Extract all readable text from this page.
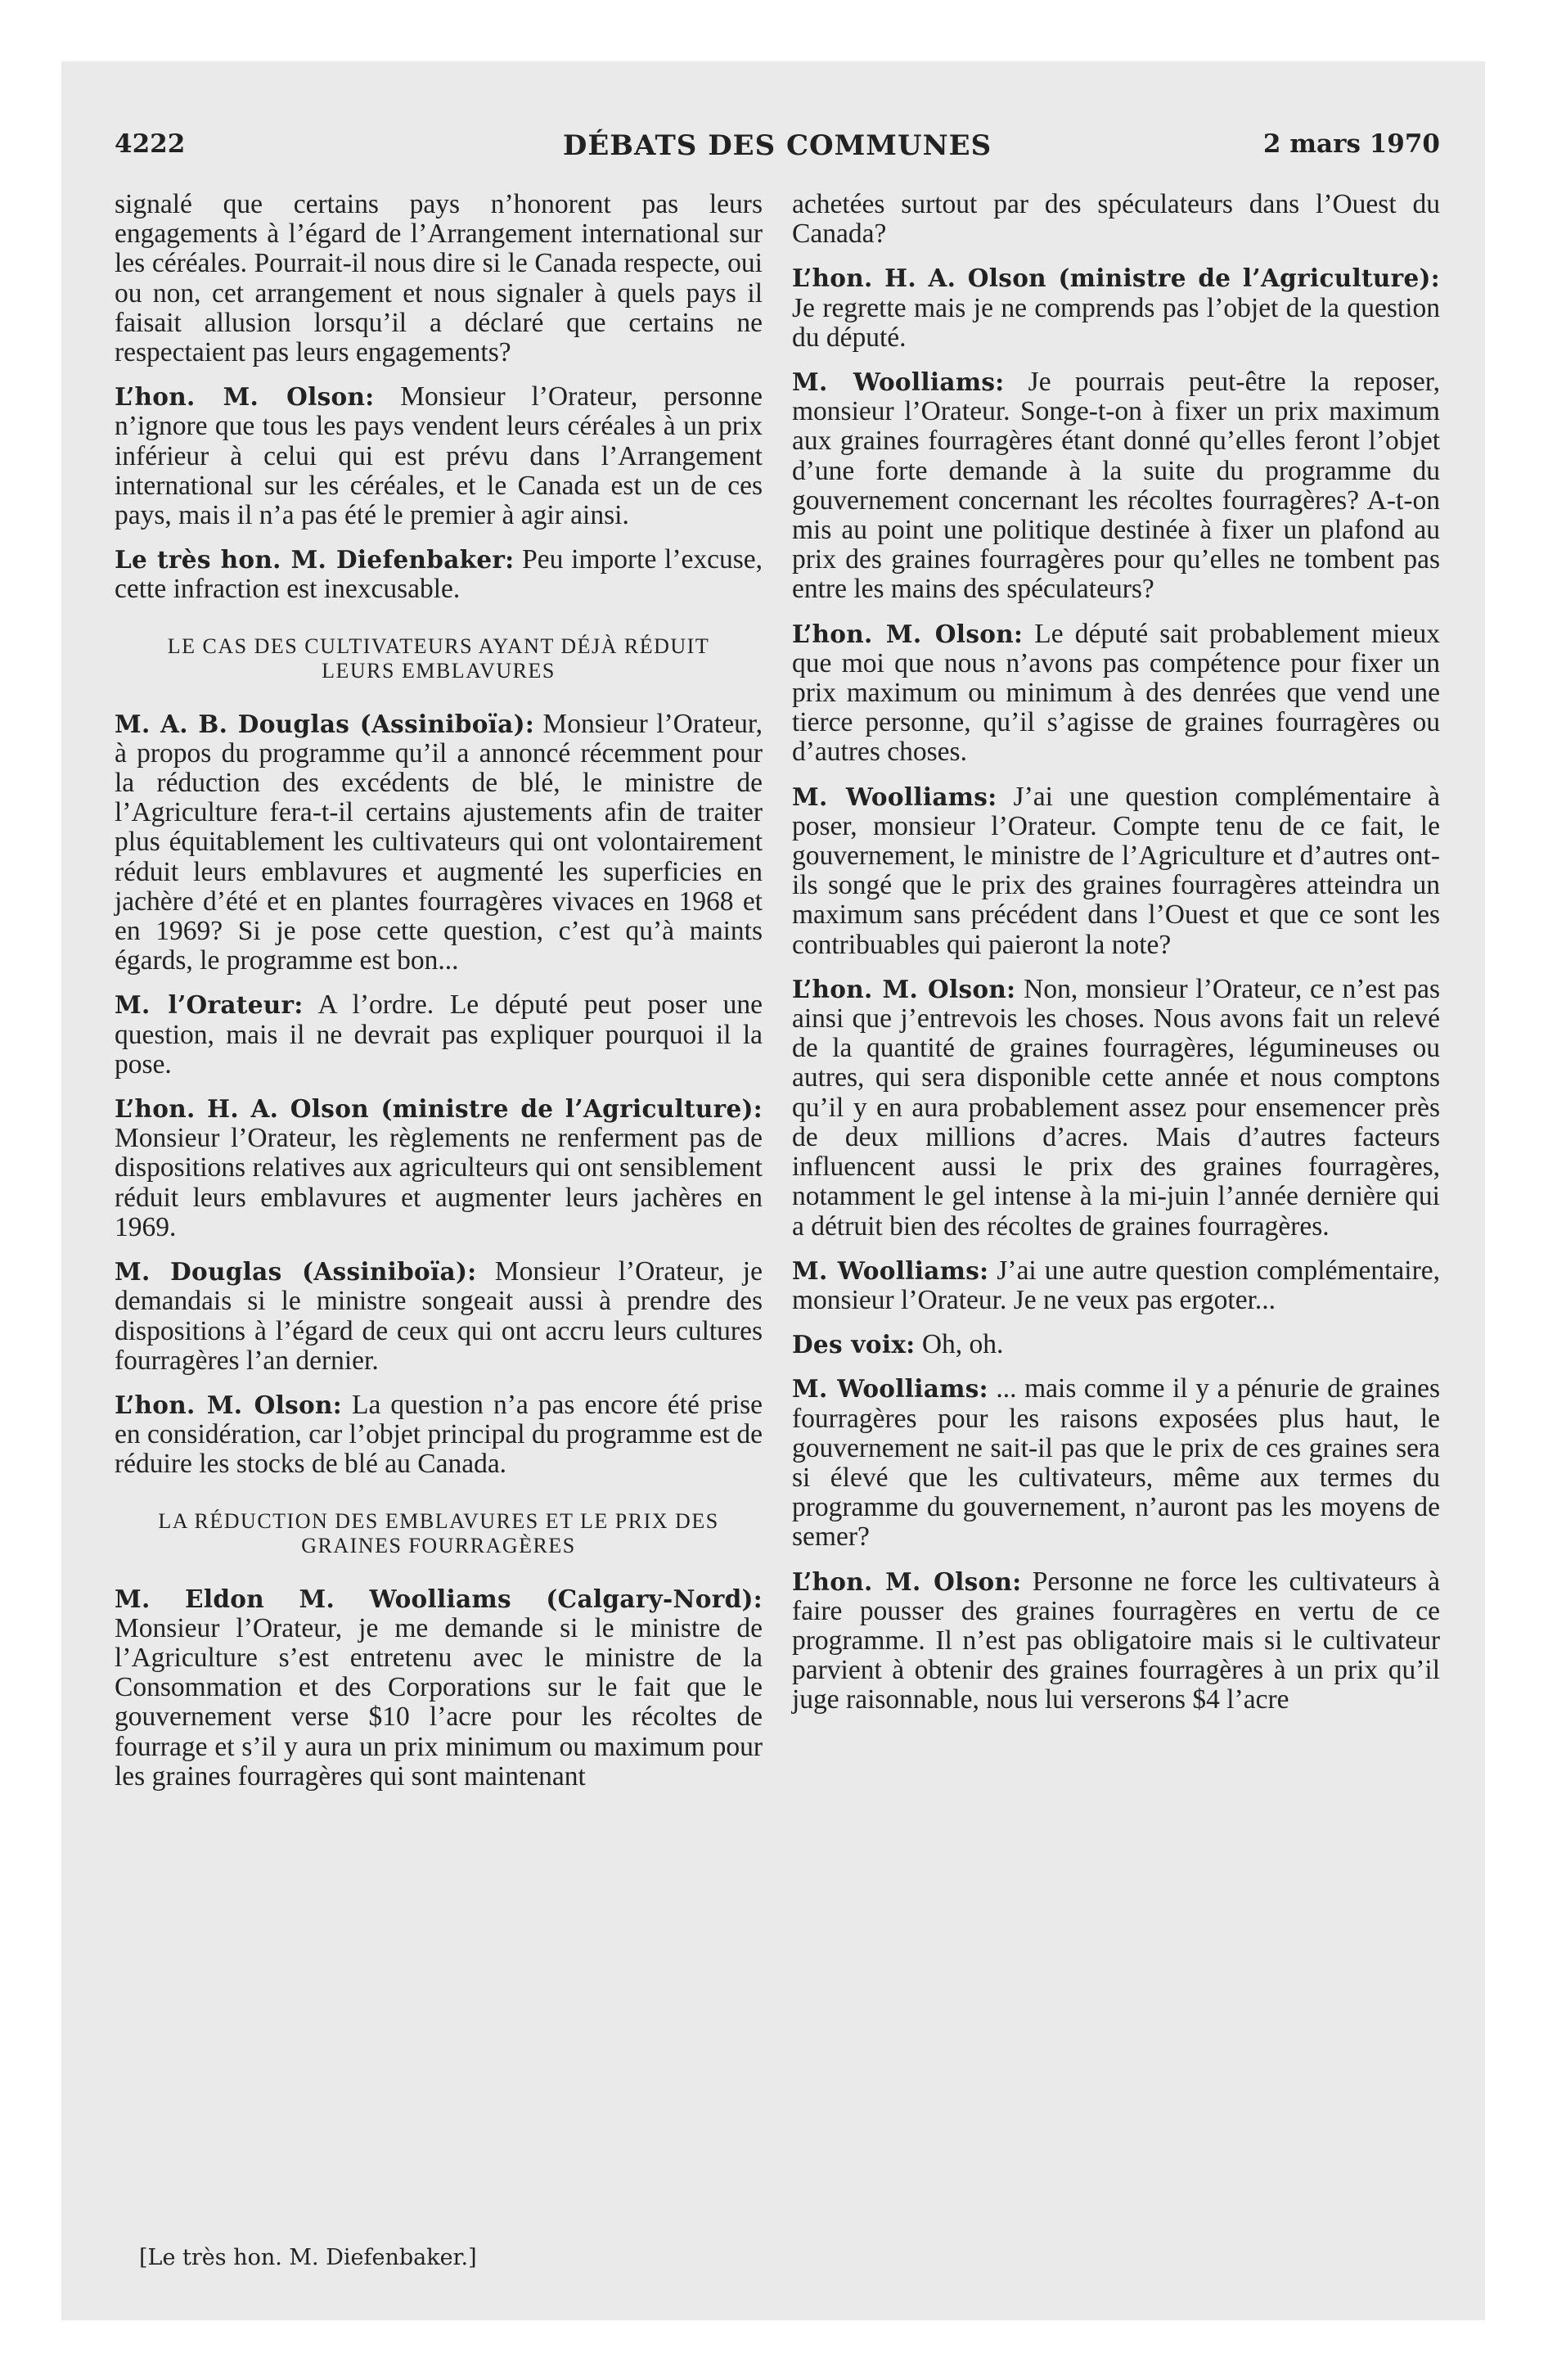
4222	DÉBATS DES COMMUNES	2 mars 1970

signalé que certains pays n’honorent pas leurs engagements à l’égard de l’Arrangement international sur les céréales. Pourrait-il nous dire si le Canada respecte, oui ou non, cet arrangement et nous signaler à quels pays il faisait allusion lorsqu’il a déclaré que certains ne respectaient pas leurs engagements?

L’hon. M. Olson: Monsieur l’Orateur, personne n’ignore que tous les pays vendent leurs céréales à un prix inférieur à celui qui est prévu dans l’Arrangement international sur les céréales, et le Canada est un de ces pays, mais il n’a pas été le premier à agir ainsi.

Le très hon. M. Diefenbaker: Peu importe l’excuse, cette infraction est inexcusable.

LE CAS DES CULTIVATEURS AYANT DÉJÀ RÉDUIT LEURS EMBLAVURES

M. A. B. Douglas (Assiniboïa): Monsieur l’Orateur, à propos du programme qu’il a annoncé récemment pour la réduction des excédents de blé, le ministre de l’Agriculture fera-t-il certains ajustements afin de traiter plus équitablement les cultivateurs qui ont volontairement réduit leurs emblavures et augmenté les superficies en jachère d’été et en plantes fourragères vivaces en 1968 et en 1969? Si je pose cette question, c’est qu’à maints égards, le programme est bon...

M. l’Orateur: A l’ordre. Le député peut poser une question, mais il ne devrait pas expliquer pourquoi il la pose.

L’hon. H. A. Olson (ministre de l’Agriculture): Monsieur l’Orateur, les règlements ne renferment pas de dispositions relatives aux agriculteurs qui ont sensiblement réduit leurs emblavures et augmenter leurs jachères en 1969.

M. Douglas (Assiniboïa): Monsieur l’Orateur, je demandais si le ministre songeait aussi à prendre des dispositions à l’égard de ceux qui ont accru leurs cultures fourragères l’an dernier.

L’hon. M. Olson: La question n’a pas encore été prise en considération, car l’objet principal du programme est de réduire les stocks de blé au Canada.

LA RÉDUCTION DES EMBLAVURES ET LE PRIX DES GRAINES FOURRAGÈRES

M. Eldon M. Woolliams (Calgary-Nord): Monsieur l’Orateur, je me demande si le ministre de l’Agriculture s’est entretenu avec le ministre de la Consommation et des Corporations sur le fait que le gouvernement verse $10 l’acre pour les récoltes de fourrage et s’il y aura un prix minimum ou maximum pour les graines fourragères qui sont maintenant

[Le très hon. M. Diefenbaker.]

achetées surtout par des spéculateurs dans l’Ouest du Canada?

L’hon. H. A. Olson (ministre de l’Agriculture): Je regrette mais je ne comprends pas l’objet de la question du député.

M. Woolliams: Je pourrais peut-être la reposer, monsieur l’Orateur. Songe-t-on à fixer un prix maximum aux graines fourragères étant donné qu’elles feront l’objet d’une forte demande à la suite du programme du gouvernement concernant les récoltes fourragères? A-t-on mis au point une politique destinée à fixer un plafond au prix des graines fourragères pour qu’elles ne tombent pas entre les mains des spéculateurs?

L’hon. M. Olson: Le député sait probablement mieux que moi que nous n’avons pas compétence pour fixer un prix maximum ou minimum à des denrées que vend une tierce personne, qu’il s’agisse de graines fourragères ou d’autres choses.

M. Woolliams: J’ai une question complémentaire à poser, monsieur l’Orateur. Compte tenu de ce fait, le gouvernement, le ministre de l’Agriculture et d’autres ont-ils songé que le prix des graines fourragères atteindra un maximum sans précédent dans l’Ouest et que ce sont les contribuables qui paieront la note?

L’hon. M. Olson: Non, monsieur l’Orateur, ce n’est pas ainsi que j’entrevois les choses. Nous avons fait un relevé de la quantité de graines fourragères, légumineuses ou autres, qui sera disponible cette année et nous comptons qu’il y en aura probablement assez pour ensemencer près de deux millions d’acres. Mais d’autres facteurs influencent aussi le prix des graines fourragères, notamment le gel intense à la mi-juin l’année dernière qui a détruit bien des récoltes de graines fourragères.

M. Woolliams: J’ai une autre question complémentaire, monsieur l’Orateur. Je ne veux pas ergoter...

Des voix: Oh, oh.

M. Woolliams: ... mais comme il y a pénurie de graines fourragères pour les raisons exposées plus haut, le gouvernement ne sait-il pas que le prix de ces graines sera si élevé que les cultivateurs, même aux termes du programme du gouvernement, n’auront pas les moyens de semer?

L’hon. M. Olson: Personne ne force les cultivateurs à faire pousser des graines fourragères en vertu de ce programme. Il n’est pas obligatoire mais si le cultivateur parvient à obtenir des graines fourragères à un prix qu’il juge raisonnable, nous lui verserons $4 l’acre
